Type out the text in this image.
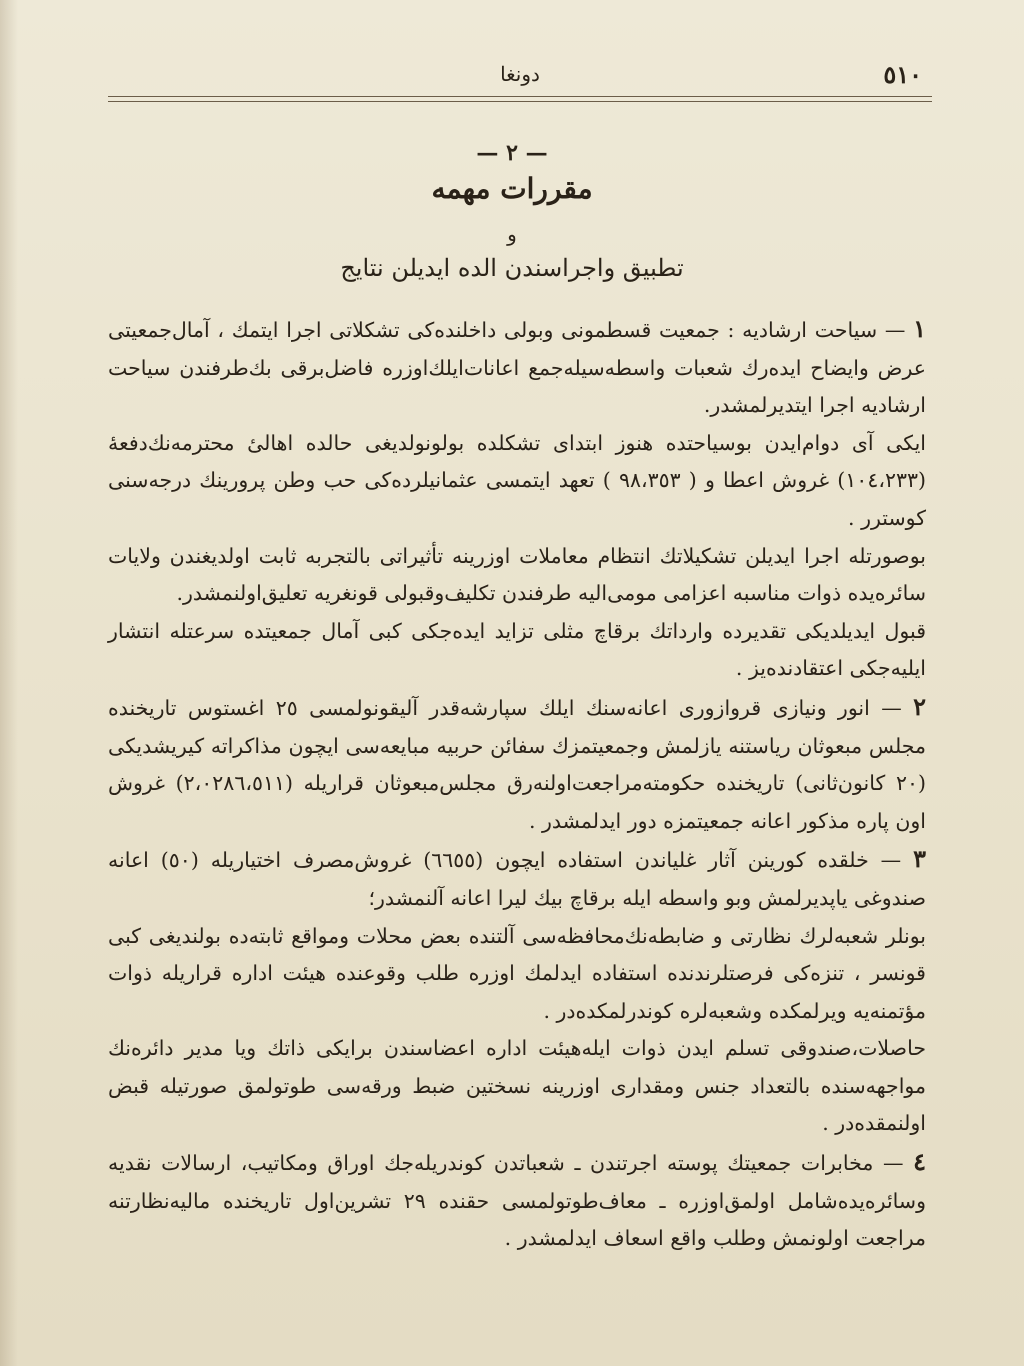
٥١٠
دونغا
— ٢ —
مقررات مهمه
و
تطبیق واجراسندن الده ایدیلن نتایج

١ — سیاحت ارشادیه : جمعیت قسطمونی وبولی داخلنده‌کی تشکلاتی اجرا ایتمك ، آمال‌جمعیتی عرض وایضاح ایده‌رك شعبات واسطه‌سیله‌جمع اعانات‌ایلك‌اوزره فاضل‌برقی بك‌طرفندن سیاحت ارشادیه اجرا ایتدیرلمشدر.

ایکی آی دوام‌ایدن بوسیاحتده هنوز ابتدای تشکلده بولونولدیغی حالده اهالیٔ محترمه‌نك‌دفعهٔ (١٠٤،٢٣٣) غروش اعطا و ( ٩٨،٣٥٣ ) تعهد ایتمسی عثمانیلرده‌کی حب وطن پرورینك درجه‌سنی کوسترر .

بوصورتله اجرا ایدیلن تشکیلاتك انتظام معاملات اوزرینه تأثیراتی بالتجربه ثابت اولدیغندن ولایات سائره‌یده ذوات مناسبه اعزامی مومی‌الیه طرفندن تکلیف‌وقبولی قونغریه تعلیق‌اولنمشدر.

قبول ایدیلدیکی تقدیرده وارداتك برقاچ مثلی تزاید ایده‌جکی کبی آمال جمعیتده سرعتله انتشار ایلیه‌جکی اعتقادنده‌یز .

٢ — انور ونیازی قروازوری اعانه‌سنك ایلك سپارشه‌قدر آلیقونولمسی ٢٥ اغستوس تاریخنده مجلس مبعوثان ریاستنه یازلمش وجمعیتمزك سفائن حربیه مبایعه‌سی ایچون مذاکراته کیریشدیکی (٢٠ کانون‌ثانی) تاریخنده حکومته‌مراجعت‌اولنه‌رق مجلس‌مبعوثان قراریله (٢،٠٢٨٦،٥١١) غروش اون پاره مذکور اعانه جمعیتمزه دور ایدلمشدر .

٣ — خلقده کورینن آثار غلیاندن استفاده ایچون (٦٦٥٥) غروش‌مصرف اختیاریله (٥٠) اعانه صندوغی یاپدیرلمش وبو واسطه ایله برقاچ بیك لیرا اعانه آلنمشدر؛

بونلر شعبه‌لرك نظارتی و ضابطه‌نك‌محافظه‌سی آلتنده بعض محلات ومواقع ثابته‌ده بولندیغی کبی قونسر ، تنزه‌کی فرصتلرندنده استفاده ایدلمك اوزره طلب وقوعنده هیئت اداره قراریله ذوات مؤتمنه‌یه ویرلمکده وشعبه‌لره کوندرلمکده‌در .

حاصلات،صندوقی تسلم ایدن ذوات ایله‌هیئت اداره اعضاسندن برایکی ذاتك ویا مدیر دائره‌نك مواجهه‌سنده بالتعداد جنس ومقداری اوزرینه نسختین ضبط ورقه‌سی طوتولمق صورتیله قبض اولنمقده‌در .

٤ — مخابرات جمعیتك پوسته اجرتندن ـ شعباتدن کوندریله‌جك اوراق ومکاتیب، ارسالات نقدیه وسائره‌یده‌شامل اولمق‌اوزره ـ معاف‌طوتولمسی حقنده ٢٩ تشرین‌اول تاریخنده مالیه‌نظارتنه مراجعت اولونمش وطلب واقع اسعاف ایدلمشدر .
